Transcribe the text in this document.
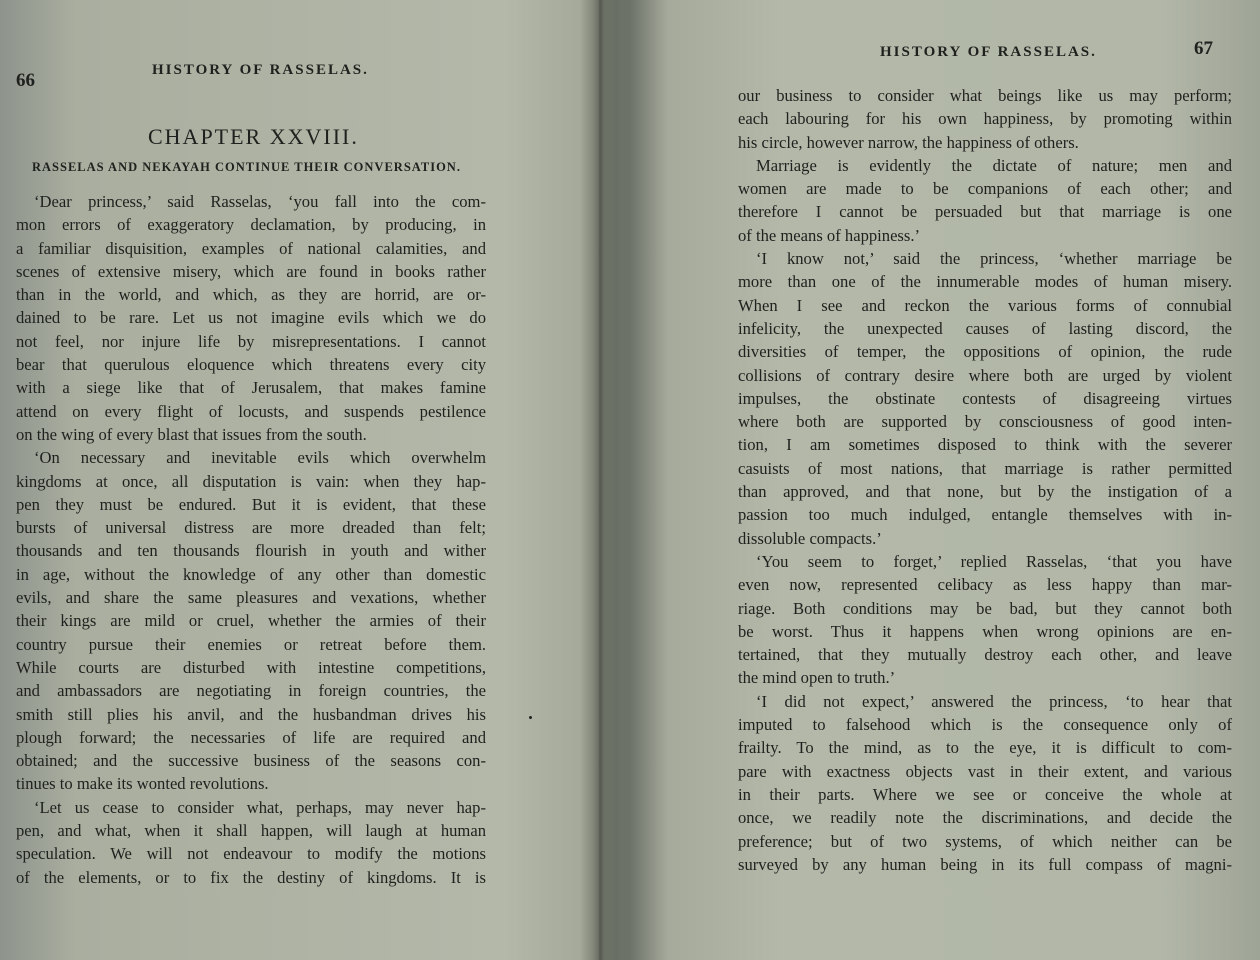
66	HISTORY OF RASSELAS.
CHAPTER XXVIII.
RASSELAS AND NEKAYAH CONTINUE THEIR CONVERSATION.
‘Dear princess,’ said Rasselas, ‘you fall into the com-
mon errors of exaggeratory declamation, by producing, in
a familiar disquisition, examples of national calamities, and
scenes of extensive misery, which are found in books rather
than in the world, and which, as they are horrid, are or-
dained to be rare. Let us not imagine evils which we do
not feel, nor injure life by misrepresentations. I cannot
bear that querulous eloquence which threatens every city
with a siege like that of Jerusalem, that makes famine
attend on every flight of locusts, and suspends pestilence
on the wing of every blast that issues from the south.
‘On necessary and inevitable evils which overwhelm
kingdoms at once, all disputation is vain: when they hap-
pen they must be endured. But it is evident, that these
bursts of universal distress are more dreaded than felt;
thousands and ten thousands flourish in youth and wither
in age, without the knowledge of any other than domestic
evils, and share the same pleasures and vexations, whether
their kings are mild or cruel, whether the armies of their
country pursue their enemies or retreat before them.
While courts are disturbed with intestine competitions,
and ambassadors are negotiating in foreign countries, the
smith still plies his anvil, and the husbandman drives his
plough forward; the necessaries of life are required and
obtained; and the successive business of the seasons con-
tinues to make its wonted revolutions.
‘Let us cease to consider what, perhaps, may never hap-
pen, and what, when it shall happen, will laugh at human
speculation. We will not endeavour to modify the motions
of the elements, or to fix the destiny of kingdoms. It is
HISTORY OF RASSELAS.	67
our business to consider what beings like us may perform;
each labouring for his own happiness, by promoting within
his circle, however narrow, the happiness of others.
Marriage is evidently the dictate of nature; men and
women are made to be companions of each other; and
therefore I cannot be persuaded but that marriage is one
of the means of happiness.’
‘I know not,’ said the princess, ‘whether marriage be
more than one of the innumerable modes of human misery.
When I see and reckon the various forms of connubial
infelicity, the unexpected causes of lasting discord, the
diversities of temper, the oppositions of opinion, the rude
collisions of contrary desire where both are urged by violent
impulses, the obstinate contests of disagreeing virtues
where both are supported by consciousness of good inten-
tion, I am sometimes disposed to think with the severer
casuists of most nations, that marriage is rather permitted
than approved, and that none, but by the instigation of a
passion too much indulged, entangle themselves with in-
dissoluble compacts.’
‘You seem to forget,’ replied Rasselas, ‘that you have
even now, represented celibacy as less happy than mar-
riage. Both conditions may be bad, but they cannot both
be worst. Thus it happens when wrong opinions are en-
tertained, that they mutually destroy each other, and leave
the mind open to truth.’
‘I did not expect,’ answered the princess, ‘to hear that
imputed to falsehood which is the consequence only of
frailty. To the mind, as to the eye, it is difficult to com-
pare with exactness objects vast in their extent, and various
in their parts. Where we see or conceive the whole at
once, we readily note the discriminations, and decide the
preference; but of two systems, of which neither can be
surveyed by any human being in its full compass of magni-
